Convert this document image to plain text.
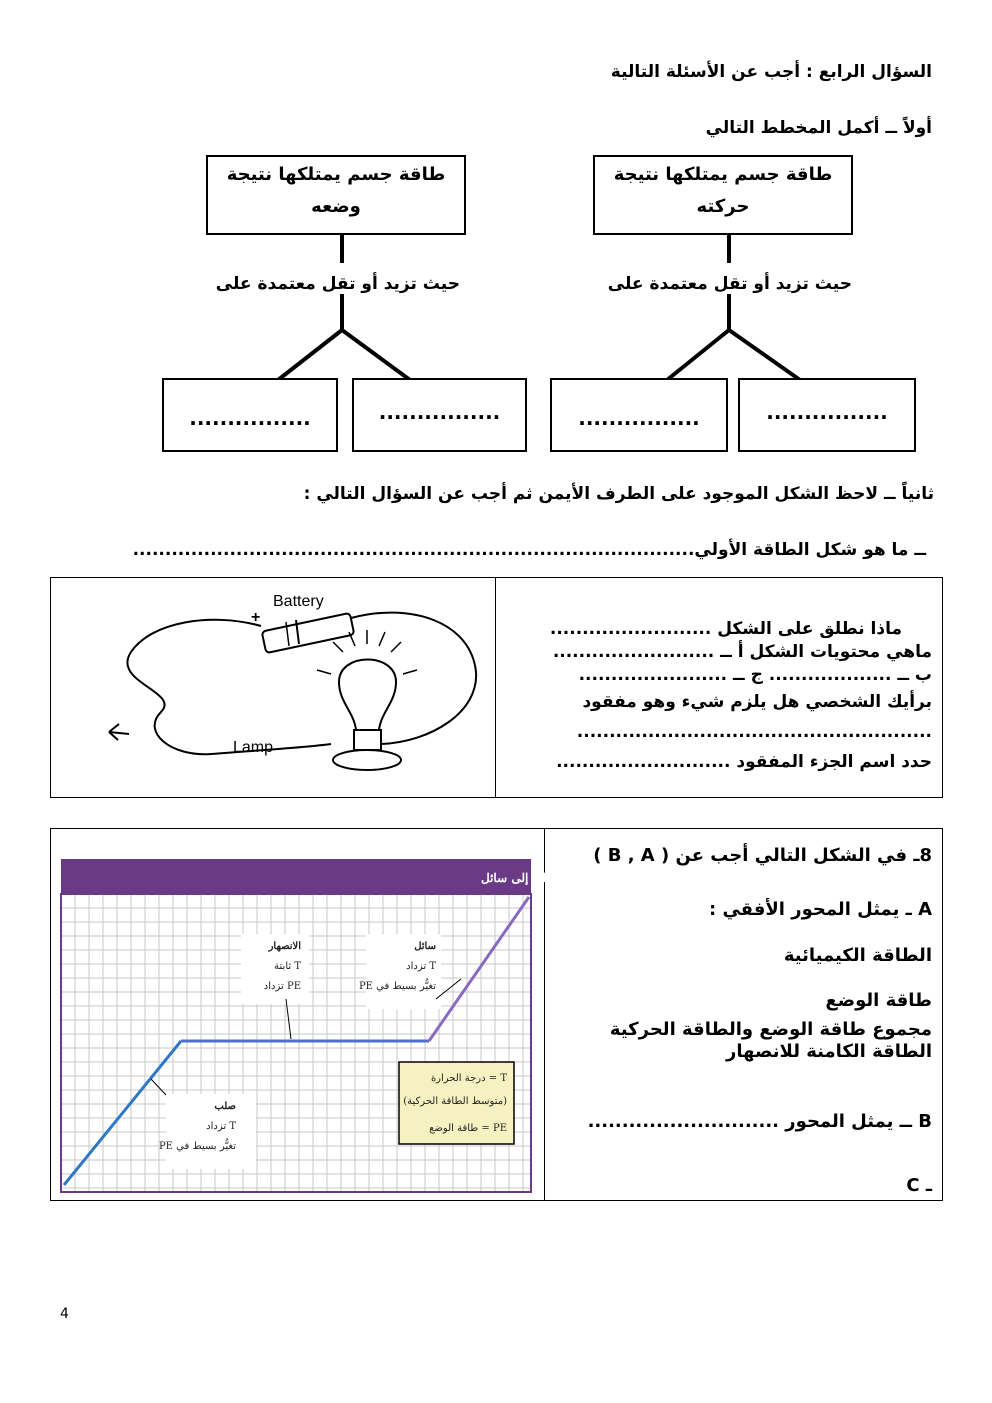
السؤال الرابع : أجب عن الأسئلة التالية
أولاً ــ أكمل المخطط التالي
طاقة جسم يمتلكها نتيجة حركته
طاقة جسم يمتلكها نتيجة وضعه
حيث تزيد أو تقل معتمدة على
حيث تزيد أو تقل معتمدة على
................
................
................
................
ثانياً ــ لاحظ الشكل الموجود على الطرف الأيمن ثم أجب عن السؤال التالي :
ــ ما هو شكل الطاقة الأولي.......................................................................................
ماذا نطلق على الشكل .........................
ماهي محتويات الشكل أ ــ .........................
ب ــ ................... ج ــ .......................
برأيك الشخصي هل يلزم شيء وهو مفقود
.......................................................
حدد اسم الجزء المفقود ...........................
+
Battery
Lamp
8ـ في الشكل التالي أجب عن ( B , A )
A ـ يمثل المحور الأفقي :
الطاقة الكيميائية
طاقة الوضع
مجموع طاقة الوضع والطاقة الحركية
الطاقة الكامنة للانصهار
B ــ يمثل المحور ............................
ـ C
الطاقة الحرارية مقابل درجة الحرارة عند تغيُّر المادة الصلبة إلى سائل
صلب
T تزداد
تغيُّر بسيط في PE
الانصهار
T ثابتة
PE تزداد
سائل
T تزداد
تغيُّر بسيط في PE
T = درجة الحرارة
(متوسط الطاقة الحركية)
PE = طاقة الوضع
4
